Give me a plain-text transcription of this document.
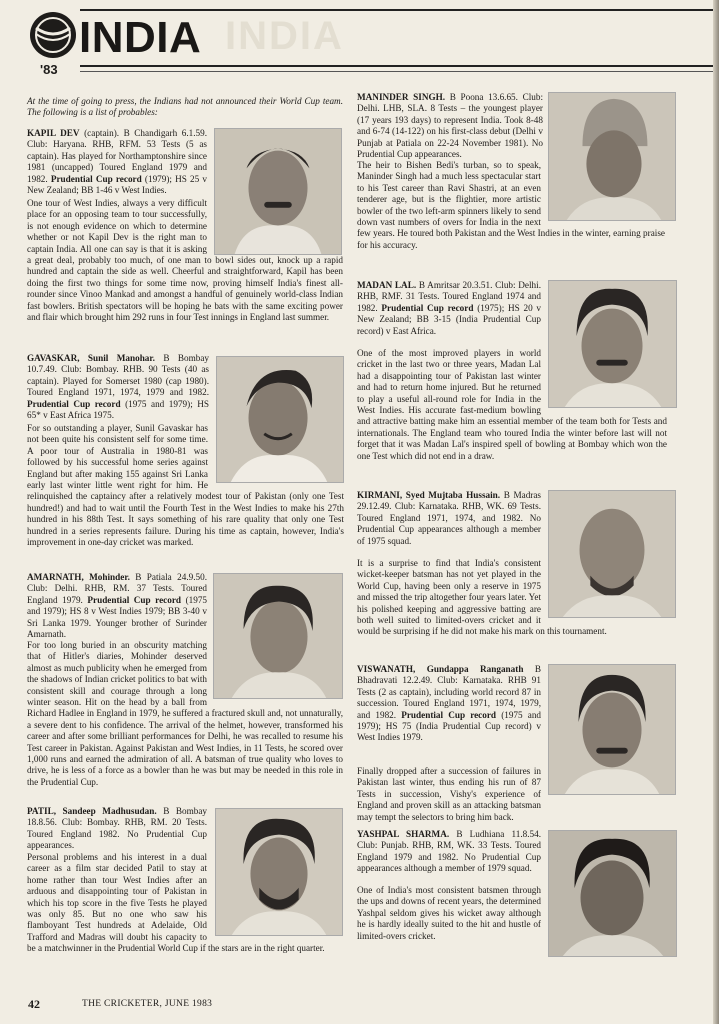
INDIA
'83
INDIA
At the time of going to press, the Indians had not announced their World Cup team. The following is a list of probables:
KAPIL DEV (captain). B Chandigarh 6.1.59. Club: Haryana. RHB, RFM. 53 Tests (5 as captain). Has played for Northamptonshire since 1981 (uncapped) Toured England 1979 and 1982. Prudential Cup record (1979); HS 25 v New Zealand; BB 1-46 v West Indies.
One tour of West Indies, always a very difficult place for an opposing team to tour successfully, is not enough evidence on which to determine whether or not Kapil Dev is the right man to captain India. All one can say is that it is asking a great deal, probably too much, of one man to bowl sides out, knock up a rapid hundred and captain the side as well. Cheerful and straightforward, Kapil has been doing the first two things for some time now, proving himself India's finest all-rounder since Vinoo Mankad and amongst a handful of genuinely world-class Indian fast bowlers. British spectators will be hoping he bats with the same exciting power and flair which brought him 292 runs in four Test innings in England last summer.
GAVASKAR, Sunil Manohar. B Bombay 10.7.49. Club: Bombay. RHB. 90 Tests (40 as captain). Played for Somerset 1980 (cap 1980). Toured England 1971, 1974, 1979 and 1982. Prudential Cup record (1975 and 1979); HS 65* v East Africa 1975.
For so outstanding a player, Sunil Gavaskar has not been quite his consistent self for some time. A poor tour of Australia in 1980-81 was followed by his successful home series against England but after making 155 against Sri Lanka early last winter little went right for him. He relinquished the captaincy after a relatively modest tour of Pakistan (only one Test hundred!) and had to wait until the Fourth Test in the West Indies to make his 27th hundred in his 88th Test. It says something of his rare quality that only one Test hundred in a series represents failure. During his time as captain, however, India's improvement in one-day cricket was marked.
AMARNATH, Mohinder. B Patiala 24.9.50. Club: Delhi. RHB, RM. 37 Tests. Toured England 1979. Prudential Cup record (1975 and 1979); HS 8 v West Indies 1979; BB 3-40 v Sri Lanka 1979. Younger brother of Surinder Amarnath.
For too long buried in an obscurity matching that of Hitler's diaries, Mohinder deserved almost as much publicity when he emerged from the shadows of Indian cricket politics to bat with consistent skill and courage through a long winter season. Hit on the head by a ball from Richard Hadlee in England in 1979, he suffered a fractured skull and, not unnaturally, a severe dent to his confidence. The arrival of the helmet, however, transformed his career and after some brilliant performances for Delhi, he was recalled to resume his Test career in Pakistan. Against Pakistan and West Indies, in 11 Tests, he scored over 1,000 runs and earned the admiration of all. A batsman of true quality who loves to drive, he is less of a force as a bowler than he was but may be needed in this role in the Prudential Cup.
PATIL, Sandeep Madhusudan. B Bombay 18.8.56. Club: Bombay. RHB, RM. 20 Tests. Toured England 1982. No Prudential Cup appearances.
Personal problems and his interest in a dual career as a film star decided Patil to stay at home rather than tour West Indies after an arduous and disappointing tour of Pakistan in which his top score in the five Tests he played was only 85. But no one who saw his flamboyant Test hundreds at Adelaide, Old Trafford and Madras will doubt his capacity to be a matchwinner in the Prudential World Cup if the stars are in the right quarter.
MANINDER SINGH. B Poona 13.6.65. Club: Delhi. LHB, SLA. 8 Tests – the youngest player (17 years 193 days) to represent India. Took 8-48 and 6-74 (14-122) on his first-class debut (Delhi v Punjab at Patiala on 22-24 November 1981). No Prudential Cup appearances.
The heir to Bishen Bedi's turban, so to speak, Maninder Singh had a much less spectacular start to his Test career than Ravi Shastri, at an even tenderer age, but is the flightier, more artistic bowler of the two left-arm spinners likely to send down vast numbers of overs for India in the next few years. He toured both Pakistan and the West Indies in the winter, earning praise for his accuracy.
MADAN LAL. B Amritsar 20.3.51. Club: Delhi. RHB, RMF. 31 Tests. Toured England 1974 and 1982. Prudential Cup record (1975); HS 20 v New Zealand; BB 3-15 (India Prudential Cup record) v East Africa.
One of the most improved players in world cricket in the last two or three years, Madan Lal had a disappointing tour of Pakistan last winter and had to return home injured. But he returned to play a useful all-round role for India in the West Indies. His accurate fast-medium bowling and attractive batting make him an essential member of the team both for Tests and internationals. The England team who toured India the winter before last will not forget that it was Madan Lal's inspired spell of bowling at Bombay which won the one Test which did not end in a draw.
KIRMANI, Syed Mujtaba Hussain. B Madras 29.12.49. Club: Karnataka. RHB, WK. 69 Tests. Toured England 1971, 1974, and 1982. No Prudential Cup appearances although a member of 1975 squad.
It is a surprise to find that India's consistent wicket-keeper batsman has not yet played in the World Cup, having been only a reserve in 1975 and missed the trip altogether four years later. Yet his polished keeping and aggressive batting are both well suited to limited-overs cricket and it would be surprising if he did not make his mark on this tournament.
VISWANATH, Gundappa Ranganath B Bhadravati 12.2.49. Club: Karnataka. RHB 91 Tests (2 as captain), including world record 87 in succession. Toured England 1971, 1974, 1979, and 1982. Prudential Cup record (1975 and 1979); HS 75 (India Prudential Cup record) v West Indies 1979.
Finally dropped after a succession of failures in Pakistan last winter, thus ending his run of 87 Tests in succession, Vishy's experience of England and proven skill as an attacking batsman may tempt the selectors to bring him back.
YASHPAL SHARMA. B Ludhiana 11.8.54. Club: Punjab. RHB, RM, WK. 33 Tests. Toured England 1979 and 1982. No Prudential Cup appearances although a member of 1979 squad.
One of India's most consistent batsmen through the ups and downs of recent years, the determined Yashpal seldom gives his wicket away although he is hardly ideally suited to the hit and hustle of limited-overs cricket.
42	THE CRICKETER, JUNE 1983
